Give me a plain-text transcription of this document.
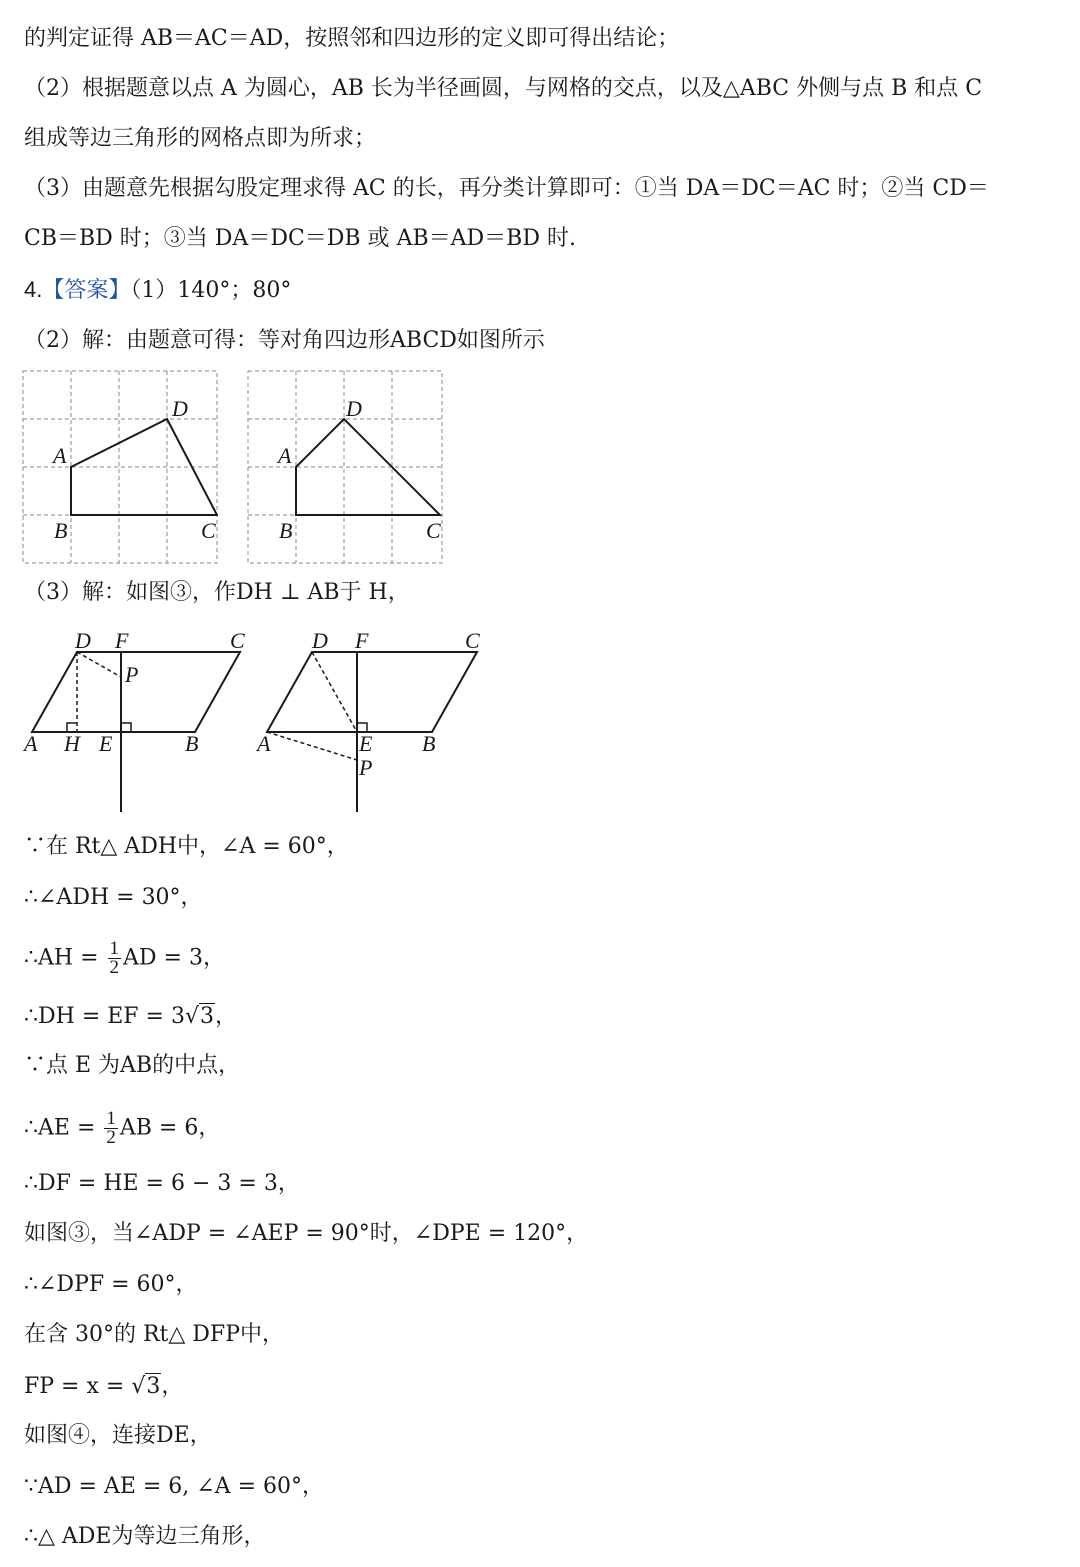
的判定证得 AB＝AC＝AD，按照邻和四边形的定义即可得出结论；
（2）根据题意以点 A 为圆心，AB 长为半径画圆，与网格的交点，以及△ABC 外侧与点 B 和点 C
组成等边三角形的网格点即为所求；
（3）由题意先根据勾股定理求得 AC 的长，再分类计算即可：①当 DA＝DC＝AC 时；②当 CD＝
CB＝BD 时；③当 DA＝DC＝DB 或 AB＝AD＝BD 时.
4.【答案】（1）140°；80°
（2）解：由题意可得：等对角四边形ABCD如图所示
D
A
B	C
D
A
B	C
（3）解：如图③，作DH ⊥ AB于 H，
D F	C
P
A H E	B
D F	C
A	E B
P
∵在 Rt△ ADH中，∠A = 60°，
∴∠ADH = 30°，
∴AH = $\frac{1}{2}$ AD = 3，
∴DH = EF = 3√3，
∵点 E 为AB的中点，
∴AE = $\frac{1}{2}$ AB = 6，
∴DF = HE = 6 − 3 = 3，
如图③，当∠ADP = ∠AEP = 90°时，∠DPE = 120°，
∴∠DPF = 60°，
在含 30°的 Rt△ DFP中，
FP = x = √3，
如图④，连接DE，
∵AD = AE = 6, ∠A = 60°，
∴△ ADE为等边三角形，
